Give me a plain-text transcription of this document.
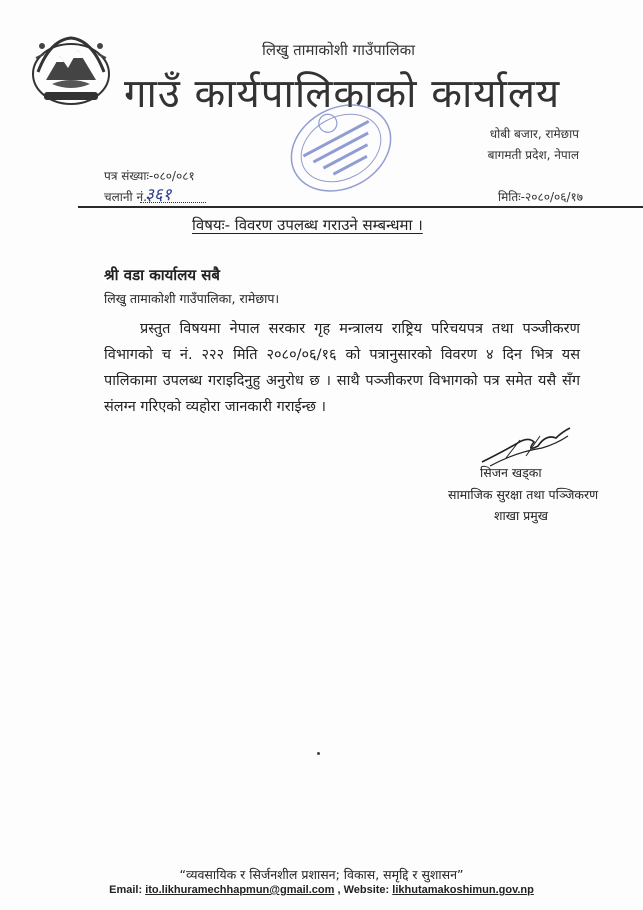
लिखु तामाकोशी गाउँपालिका
गाउँ कार्यपालिकाको कार्यालय
धोबी बजार, रामेछाप
बागमती प्रदेश, नेपाल
पत्र संख्याः-०८०/०८१
चलानी नं.
३६१	मितिः-२०८०/०६/१७
विषयः- विवरण उपलब्ध गराउने सम्बन्धमा ।
श्री वडा कार्यालय सबै
लिखु तामाकोशी गाउँपालिका, रामेछाप।
प्रस्तुत विषयमा नेपाल सरकार गृह मन्त्रालय राष्ट्रिय परिचयपत्र तथा पञ्जीकरण विभागको च नं. २२२ मिति २०८०/०६/१६ को पत्रानुसारको विवरण ४ दिन भित्र यस पालिकामा उपलब्ध गराइदिनुहु अनुरोध छ । साथै पञ्जीकरण विभागको पत्र समेत यसै सँग संलग्न गरिएको व्यहोरा जानकारी गराईन्छ ।
सिजन खड्का
सामाजिक सुरक्षा तथा पञ्जिकरण
शाखा प्रमुख
“व्यवसायिक र सिर्जनशील प्रशासन; विकास, समृद्दि र सुशासन”
Email: ito.likhuramechhapmun@gmail.com , Website: likhutamakoshimun.gov.np
